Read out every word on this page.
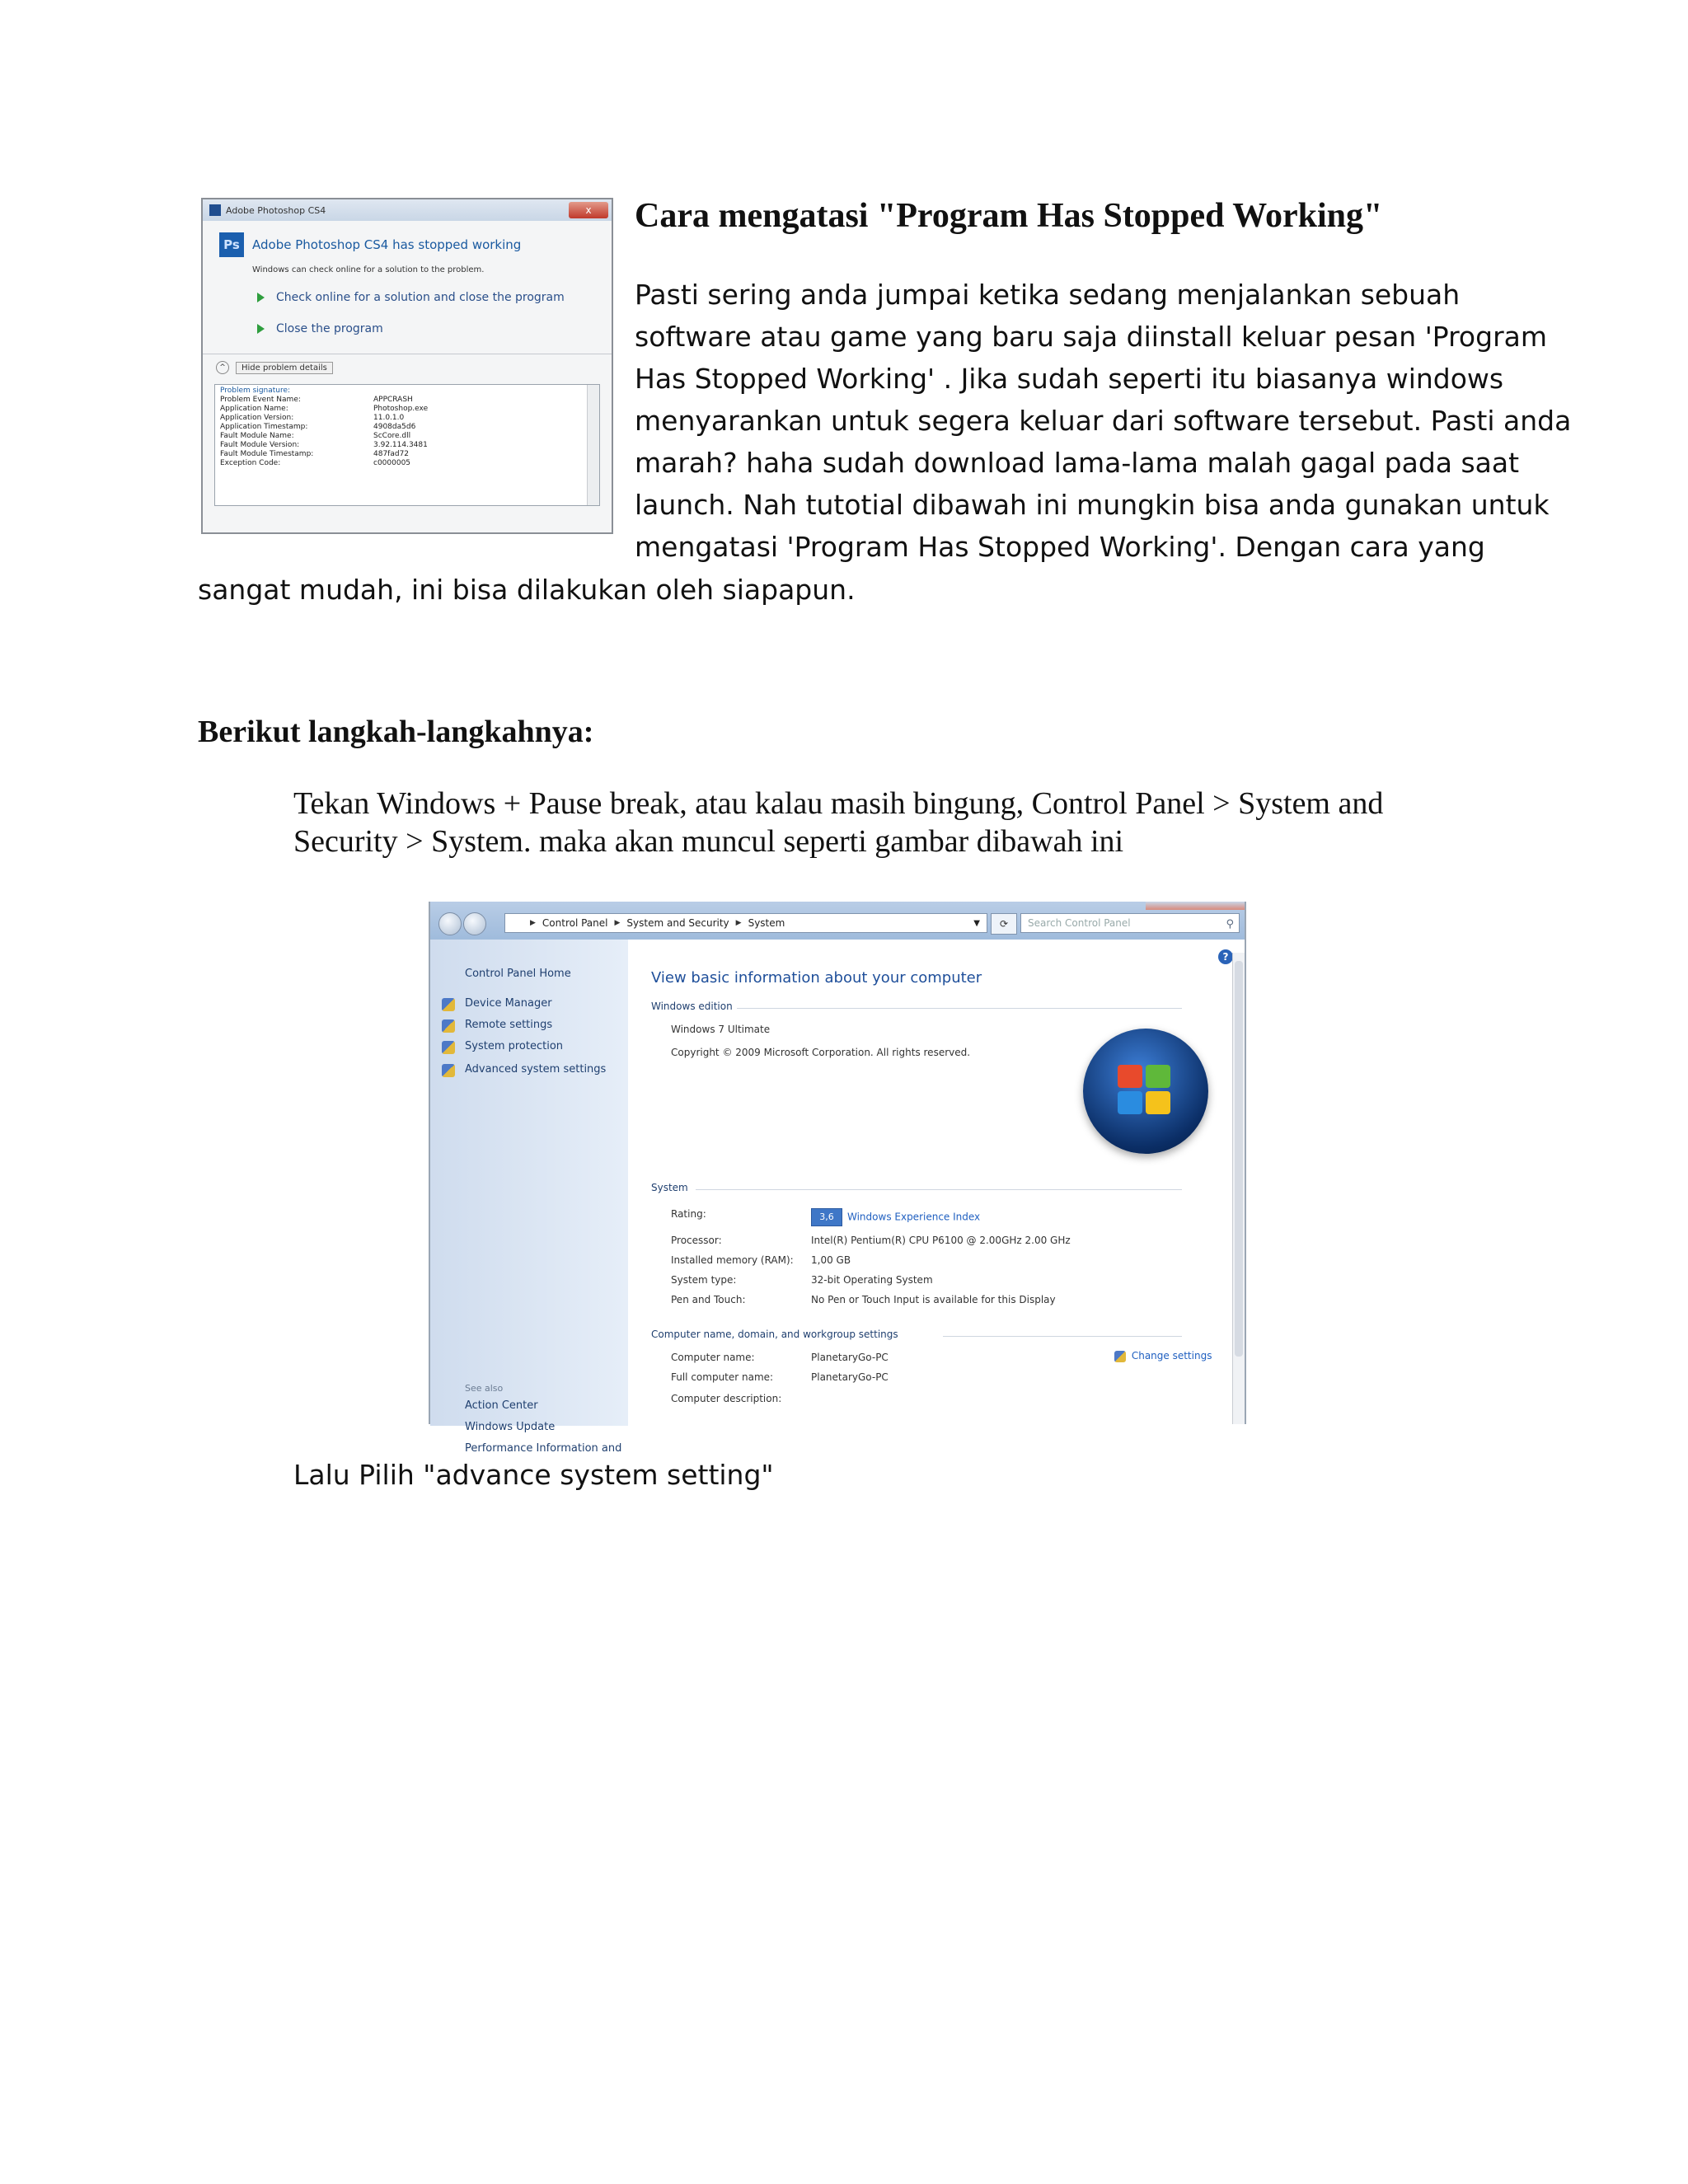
Adobe Photoshop CS4	x
Ps	Adobe Photoshop CS4 has stopped working
Windows can check online for a solution to the problem.
Check online for a solution and close the program
Close the program
^	Hide problem details
Problem signature:
Problem Event Name:	APPCRASH
Application Name:	Photoshop.exe
Application Version:	11.0.1.0
Application Timestamp:	4908da5d6
Fault Module Name:	ScCore.dll
Fault Module Version:	3.92.114.3481
Fault Module Timestamp:	487fad72
Exception Code:	c0000005
Cara mengatasi "Program Has Stopped Working"
Pasti sering anda jumpai ketika sedang menjalankan sebuah
software atau game yang baru saja diinstall keluar pesan 'Program
Has Stopped Working' . Jika sudah seperti itu biasanya windows
menyarankan untuk segera keluar dari software tersebut. Pasti anda
marah? haha sudah download lama-lama malah gagal pada saat
launch. Nah tutotial dibawah ini mungkin bisa anda gunakan untuk
mengatasi 'Program Has Stopped Working'. Dengan cara yang
sangat mudah, ini bisa dilakukan oleh siapapun.
Berikut langkah-langkahnya:
Tekan Windows + Pause break, atau kalau masih bingung, Control Panel > System and
Security > System. maka akan muncul seperti gambar dibawah ini
▶ Control Panel ▶ System and Security ▶ System	▼	⟳	Search Control Panel	⚲
Control Panel Home
Device Manager
Remote settings
System protection
Advanced system settings
See also
Action Center
Windows Update
Performance Information and
?
View basic information about your computer
Windows edition
Windows 7 Ultimate
Copyright © 2009 Microsoft Corporation. All rights reserved.
System
Rating:	3,6 Windows Experience Index
Processor:	Intel(R) Pentium(R) CPU P6100 @ 2.00GHz 2.00 GHz
Installed memory (RAM): 1,00 GB
System type:	32-bit Operating System
Pen and Touch:	No Pen or Touch Input is available for this Display
Computer name, domain, and workgroup settings
Computer name:	PlanetaryGo-PC
Full computer name:	PlanetaryGo-PC
Computer description:
Change settings
Lalu Pilih "advance system setting"
